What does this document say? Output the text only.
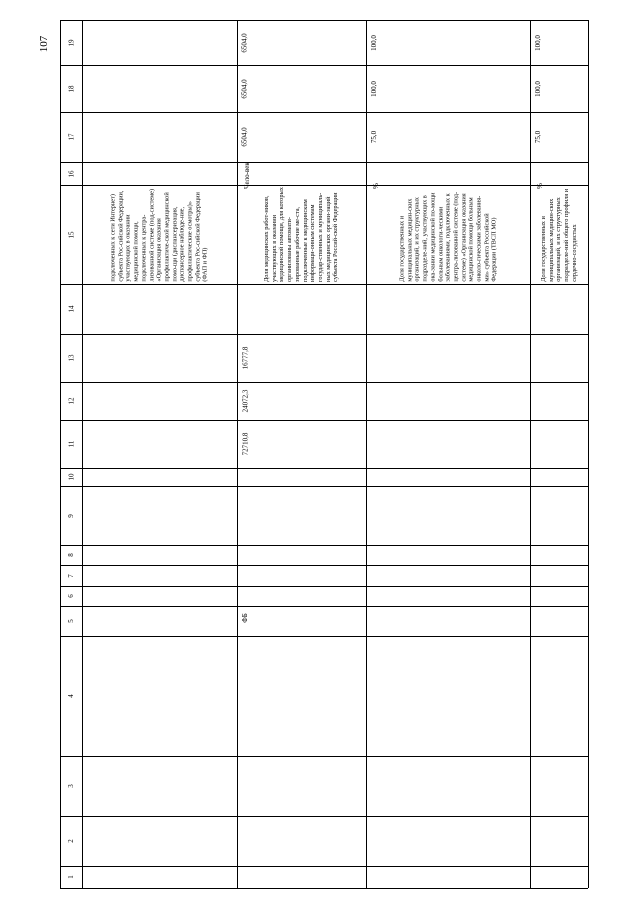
107
1
2
3
4
5
6
7
8
9
10
11
12
13
14
15
16
17
18
19
подключенных к сети Интернет) субъекта Рос-сийской Федерации, участвующих в оказании медицинской помощи, подключенных к центра-лизованной системе (под-системе) «Организация оказания профилактиче-ской медицинской помо-щи (диспансеризация, диспансерное наблюде-ние, профилактические осмотры)» субъекта Рос-сийской Федерации (ФАП и ФП)	Доля медицинских работ-ников, участвующих в оказании медицинской помощи, для которых организованы автомати-зированные рабочие ме-ста, подключенные к медицинским информаци-онным системам государ-ственных и муниципаль-ных медицинских органи-заций субъекта Россий-ской Федерации
Чело-век
ФБ
72710,8
24072,3
16777,8
6504,0
6504,0
6504,0
Доля государственных и муниципальных медицин-ских организаций, и их структурных подразделе-ний, участвующих в ока-зании медицинской по-мощи больным онкологи-ческими заболеваниями, подключенных к центра-лизованной системе (под-системе) «Организация оказания медицинской помощи больным онколо-гическими заболевания-ми» субъекта Российской Федерации (ТВСП МО)
%
75,0
100,0
100,0
Доля государственных и муниципальных медицин-ских организаций, и их структурных подразделе-ний общего профиля и сердечно-сосудистых
%
75,0
100,0
100,0
